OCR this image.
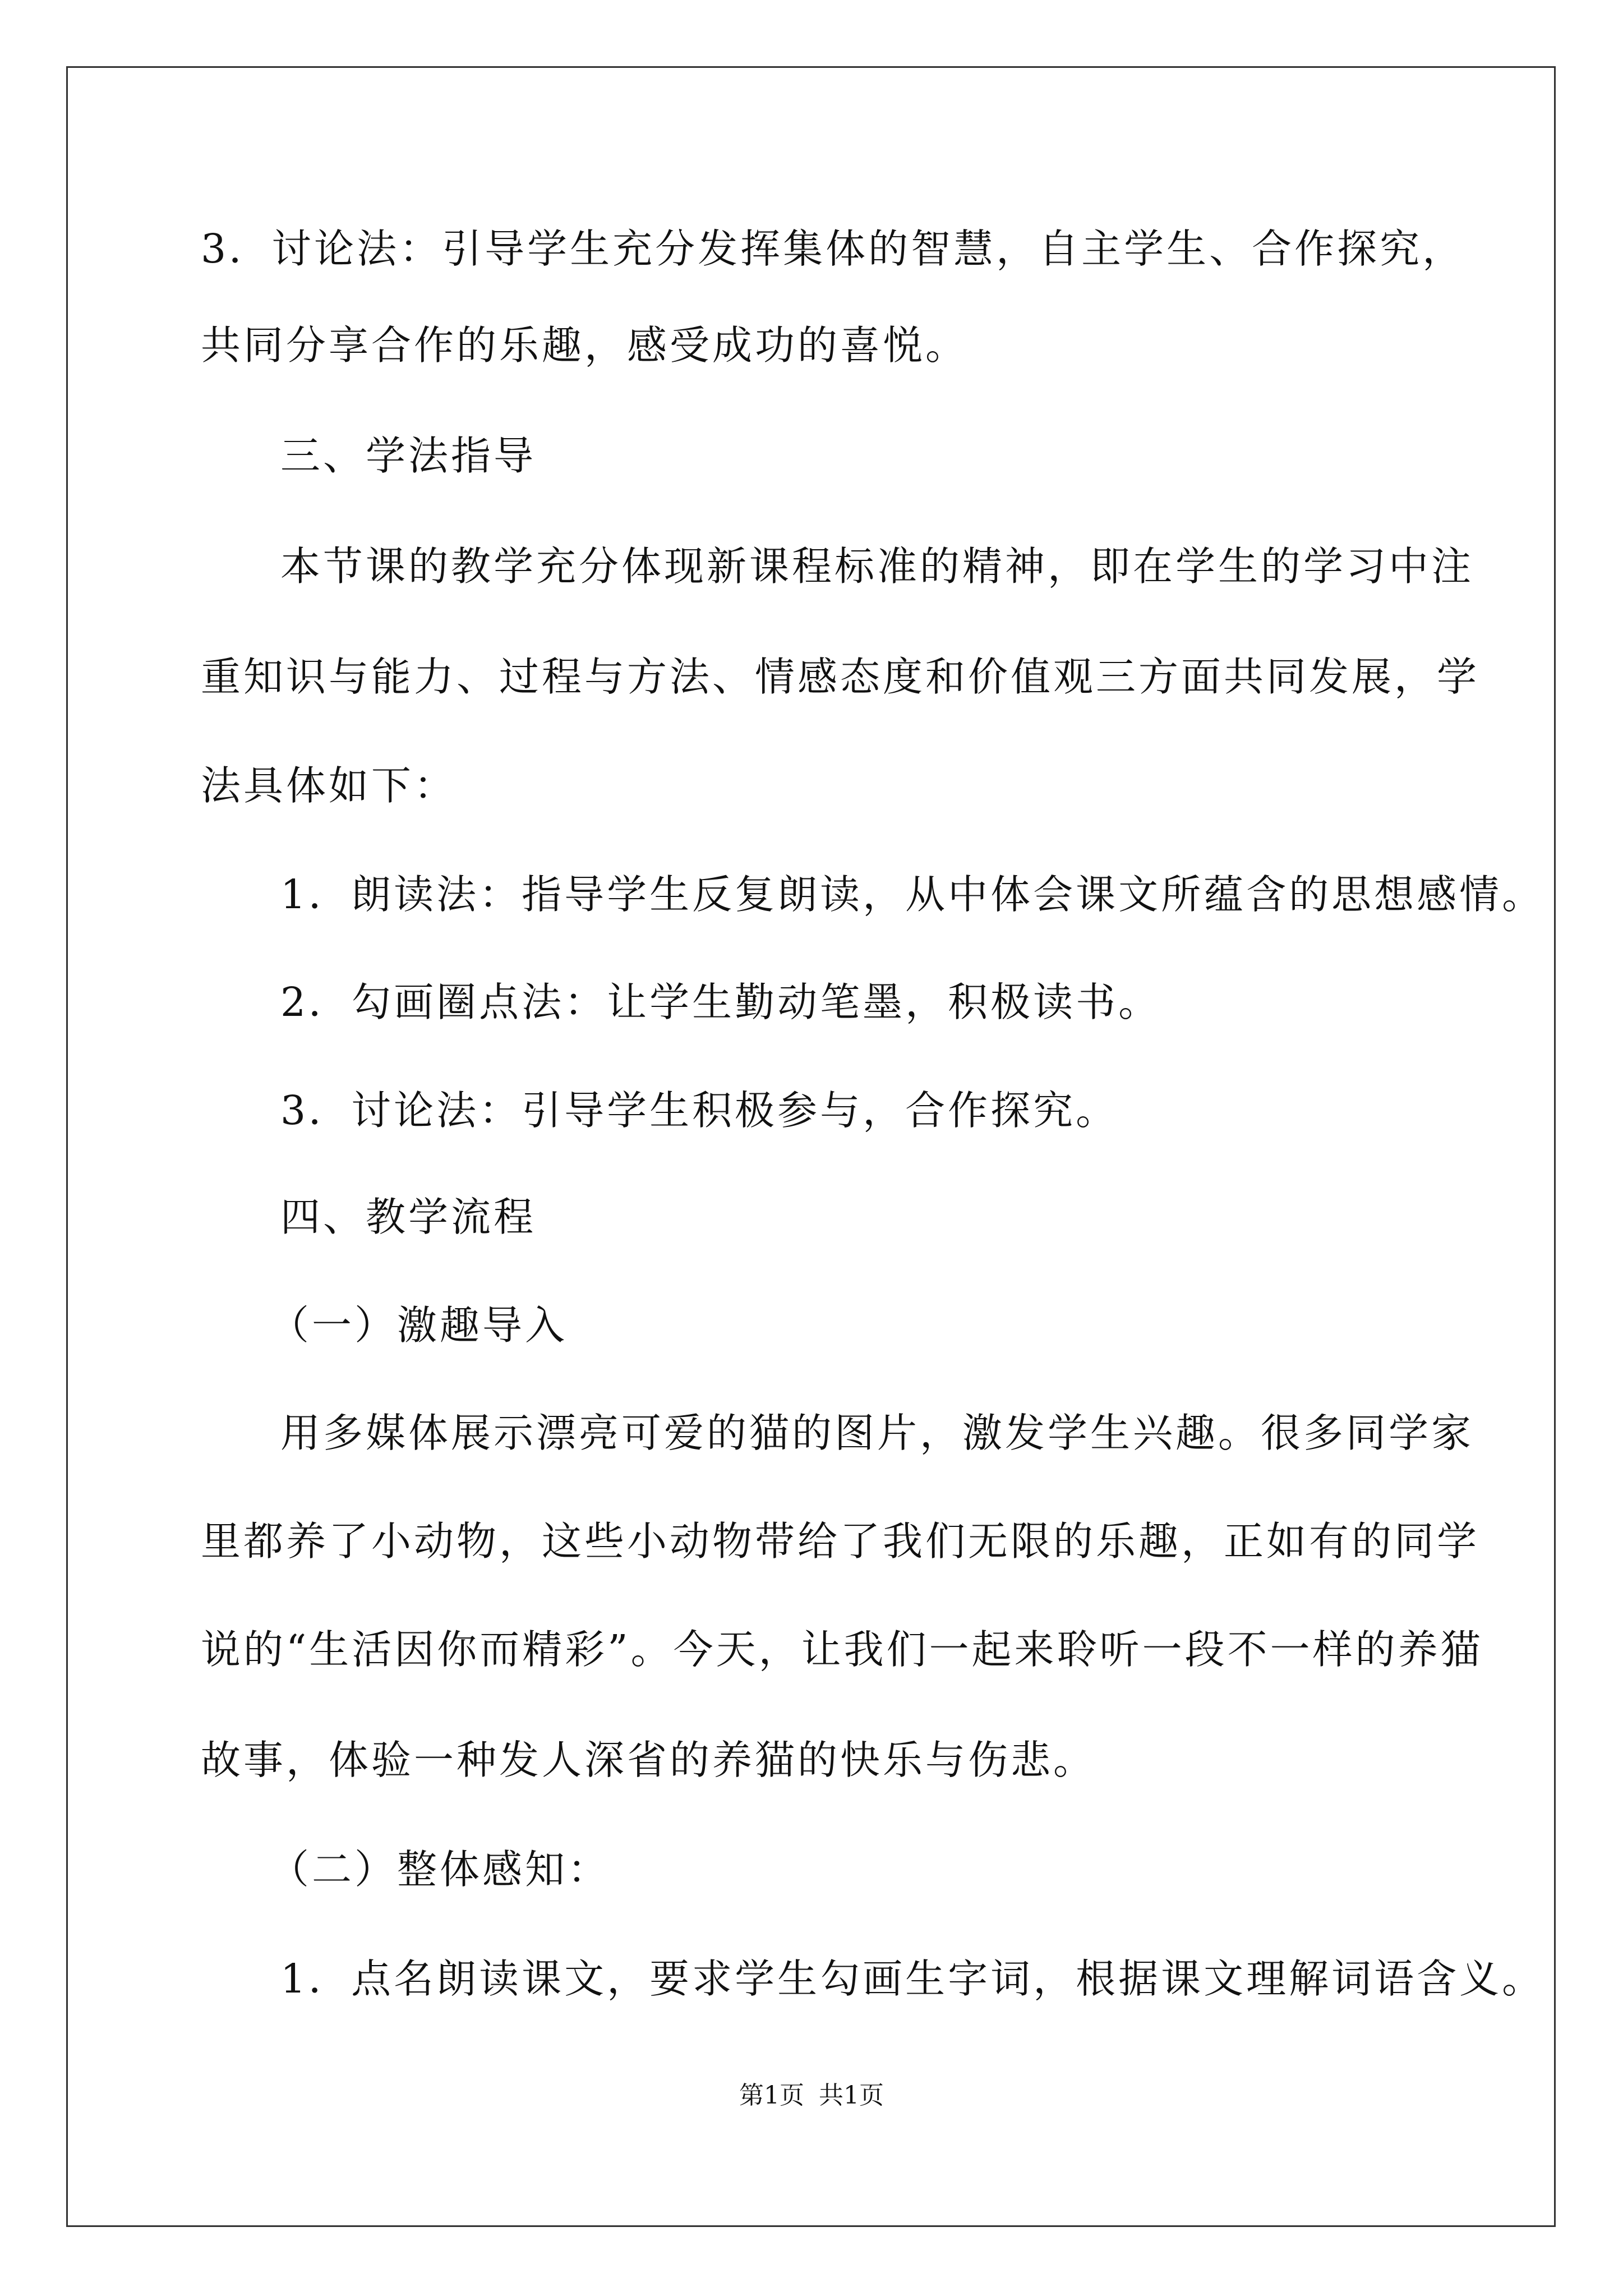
3．讨论法：引导学生充分发挥集体的智慧，自主学生、合作探究，
共同分享合作的乐趣，感受成功的喜悦。
三、学法指导
本节课的教学充分体现新课程标准的精神，即在学生的学习中注
重知识与能力、过程与方法、情感态度和价值观三方面共同发展，学
法具体如下：
1．朗读法：指导学生反复朗读，从中体会课文所蕴含的思想感情。
2．勾画圈点法：让学生勤动笔墨，积极读书。
3．讨论法：引导学生积极参与，合作探究。
四、教学流程
（一）激趣导入
用多媒体展示漂亮可爱的猫的图片，激发学生兴趣。很多同学家
里都养了小动物，这些小动物带给了我们无限的乐趣，正如有的同学
说的“生活因你而精彩”。今天，让我们一起来聆听一段不一样的养猫
故事，体验一种发人深省的养猫的快乐与伤悲。
（二）整体感知：
1．点名朗读课文，要求学生勾画生字词，根据课文理解词语含义。
第1页 共1页
